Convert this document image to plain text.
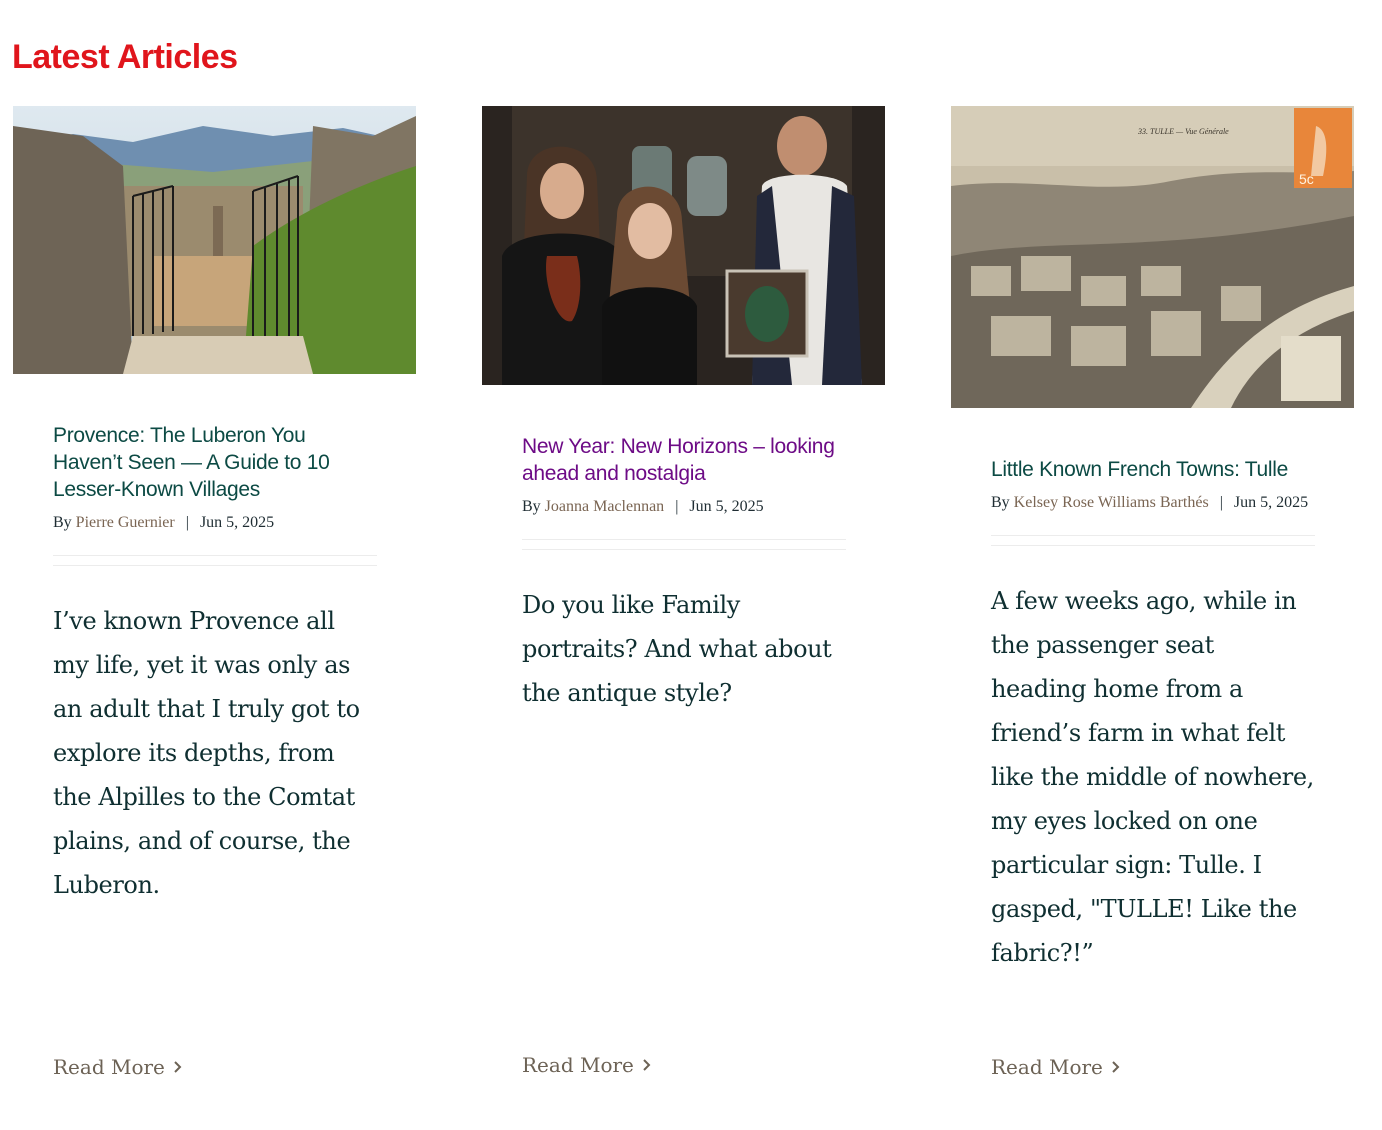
Latest Articles
Provence: The Luberon You Haven’t Seen — A Guide to 10 Lesser-Known Villages
By Pierre Guernier | Jun 5, 2025

I’ve known Provence all my life, yet it was only as an adult that I truly got to explore its depths, from the Alpilles to the Comtat plains, and of course, the Luberon.

Read More
New Year: New Horizons – looking ahead and nostalgia
By Joanna Maclennan | Jun 5, 2025

Do you like Family portraits? And what about the antique style?

Read More
33. TULLE — Vue Générale
5c
Little Known French Towns: Tulle
By Kelsey Rose Williams Barthés | Jun 5, 2025

A few weeks ago, while in the passenger seat heading home from a friend’s farm in what felt like the middle of nowhere, my eyes locked on one particular sign: Tulle. I gasped, "TULLE! Like the fabric?!”

Read More
